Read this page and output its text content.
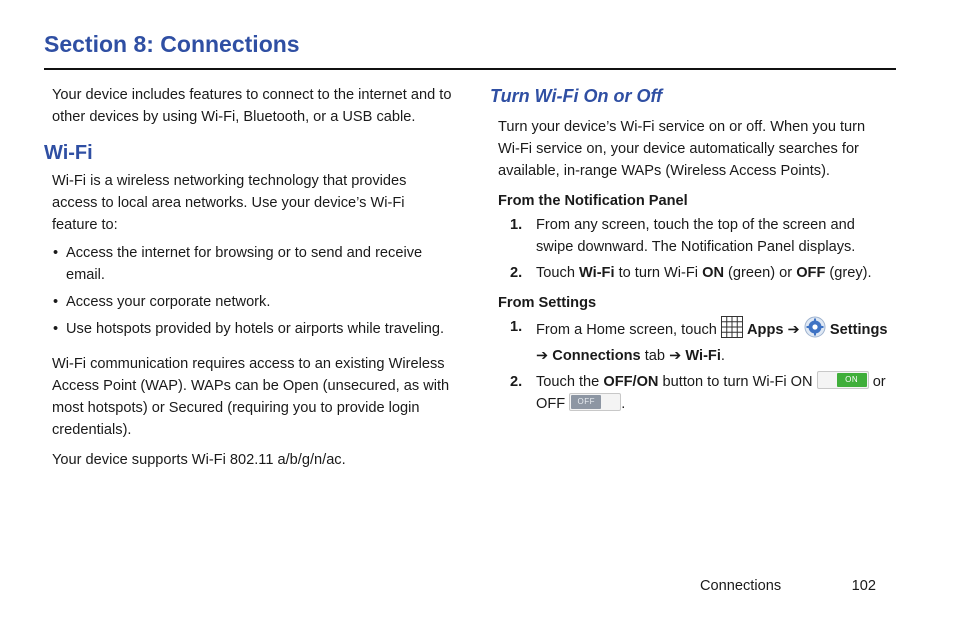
Section 8: Connections

Your device includes features to connect to the internet and to other devices by using Wi-Fi, Bluetooth, or a USB cable.

Wi-Fi

Wi-Fi is a wireless networking technology that provides access to local area networks. Use your device’s Wi-Fi feature to:

• Access the internet for browsing or to send and receive email.
• Access your corporate network.
• Use hotspots provided by hotels or airports while traveling.

Wi-Fi communication requires access to an existing Wireless Access Point (WAP). WAPs can be Open (unsecured, as with most hotspots) or Secured (requiring you to provide login credentials).

Your device supports Wi-Fi 802.11 a/b/g/n/ac.

Turn Wi-Fi On or Off

Turn your device’s Wi-Fi service on or off. When you turn Wi-Fi service on, your device automatically searches for available, in-range WAPs (Wireless Access Points).

From the Notification Panel
1. From any screen, touch the top of the screen and swipe downward. The Notification Panel displays.
2. Touch Wi-Fi to turn Wi-Fi ON (green) or OFF (grey).
From Settings
1. From a Home screen, touch  Apps ➔ Settings
➔ Connections tab ➔ Wi-Fi.
2. Touch the OFF/ON button to turn Wi-Fi ON	ON or
OFF	OFF	.
Connections	102
